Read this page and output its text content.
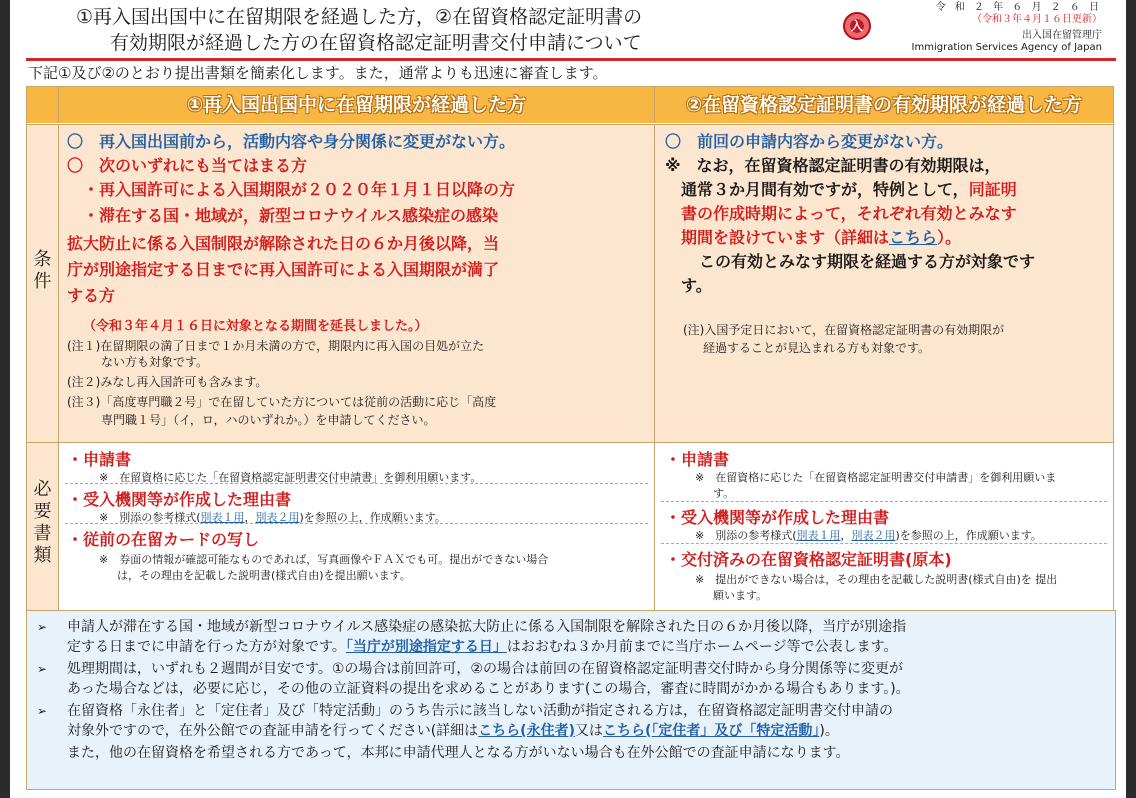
①再入国出国中に在留期限を経過した方，②在留資格認定証明書の
有効期限が経過した方の在留資格認定証明書交付申請について
入
令 和 ２ 年 ６ 月 ２ ６ 日
（令和３年４月１６日更新）
出入国在留管理庁
Immigration Services Agency of Japan
下記①及び②のとおり提出書類を簡素化します。また，通常よりも迅速に審査します。
①再入国出国中に在留期限が経過した方	②在留資格認定証明書の有効期限が経過した方
条
件
必
要
書
類
〇　再入国出国前から，活動内容や身分関係に変更がない方。
〇　次のいずれにも当てはまる方
・再入国許可による入国期限が２０２０年１月１日以降の方
・滞在する国・地域が，新型コロナウイルス感染症の感染
拡大防止に係る入国制限が解除された日の６か月後以降，当
庁が別途指定する日までに再入国許可による入国期限が満了
する方
（令和３年４月１６日に対象となる期間を延長しました。）
(注１)在留期限の満了日まで１か月未満の方で，期限内に再入国の目処が立た
ない方も対象です。
(注２)みなし再入国許可も含みます。
(注３)「高度専門職２号」で在留していた方については従前の活動に応じ「高度
専門職１号」（イ，ロ，ハのいずれか。）を申請してください。
〇　前回の申請内容から変更がない方。
※　なお，在留資格認定証明書の有効期限は，
通常３か月間有効ですが，特例として，同証明
書の作成時期によって，それぞれ有効とみなす
期間を設けています（詳細はこちら）。
この有効とみなす期限を経過する方が対象です
す。
(注)入国予定日において，在留資格認定証明書の有効期限が
経過することが見込まれる方も対象です。
・申請書
※　在留資格に応じた「在留資格認定証明書交付申請書」を御利用願います。
・受入機関等が作成した理由書
※　別添の参考様式(別表１用，別表２用)を参照の上，作成願います。
・従前の在留カードの写し
※　券面の情報が確認可能なものであれば，写真画像やＦＡＸでも可。提出ができない場合
は，その理由を記載した説明書(様式自由)を提出願います。
・申請書
※　在留資格に応じた「在留資格認定証明書交付申請書」を御利用願いま
す。
・受入機関等が作成した理由書
※　別添の参考様式(別表１用，別表２用)を参照の上，作成願います。
・交付済みの在留資格認定証明書(原本)
※　提出ができない場合は，その理由を記載した説明書(様式自由)を 提出
願います。
➢ 申請人が滞在する国・地域が新型コロナウイルス感染症の感染拡大防止に係る入国制限を解除された日の６か月後以降，当庁が別途指
定する日までに申請を行った方が対象です。「当庁が別途指定する日」はおおむね３か月前までに当庁ホームページ等で公表します。
➢ 処理期間は，いずれも２週間が目安です。①の場合は前回許可，②の場合は前回の在留資格認定証明書交付時から身分関係等に変更が
あった場合などは，必要に応じ，その他の立証資料の提出を求めることがあります(この場合，審査に時間がかかる場合もあります。)。
➢ 在留資格「永住者」と「定住者」及び「特定活動」のうち告示に該当しない活動が指定される方は，在留資格認定証明書交付申請の
対象外ですので，在外公館での査証申請を行ってください(詳細はこちら(永住者)又はこちら(「定住者」及び「特定活動」)。
また，他の在留資格を希望される方であって，本邦に申請代理人となる方がいない場合も在外公館での査証申請になります。
